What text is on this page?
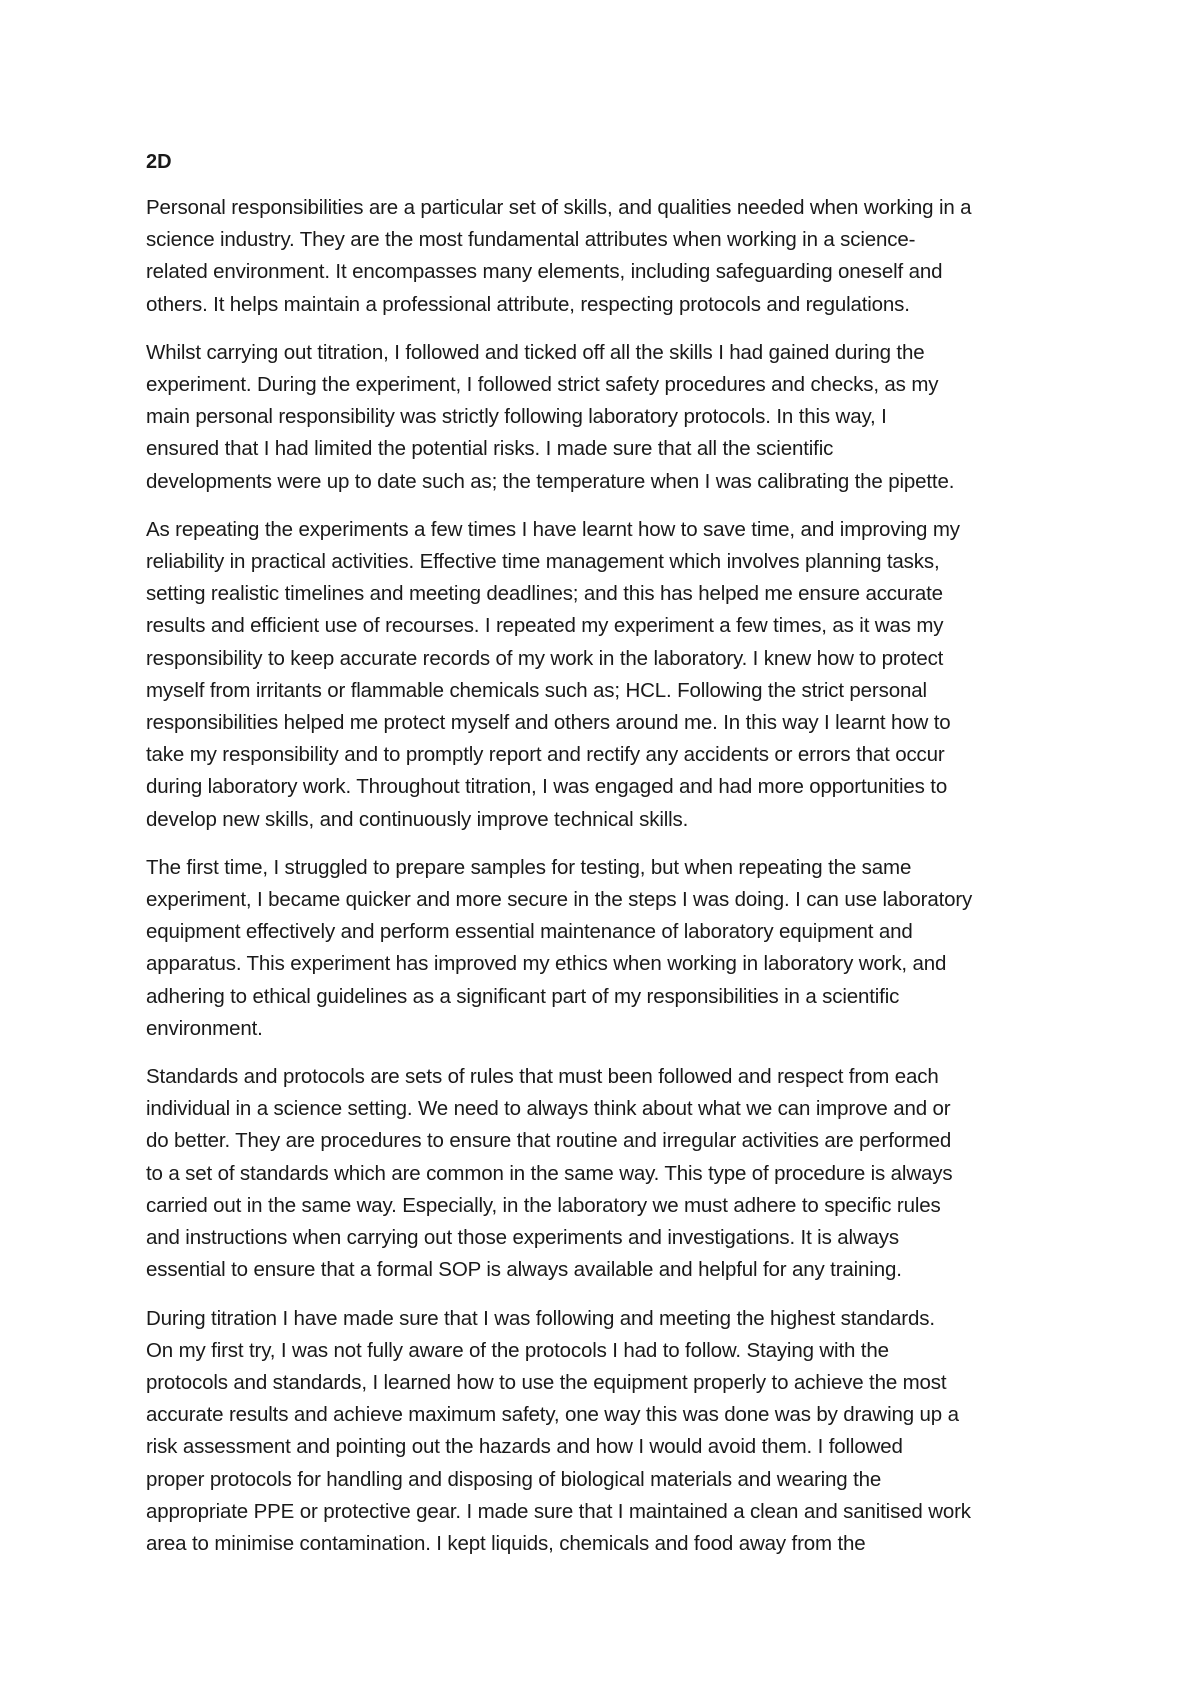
2D

Personal responsibilities are a particular set of skills, and qualities needed when working in a
science industry. They are the most fundamental attributes when working in a science-
related environment. It encompasses many elements, including safeguarding oneself and
others. It helps maintain a professional attribute, respecting protocols and regulations.

Whilst carrying out titration, I followed and ticked off all the skills I had gained during the
experiment. During the experiment, I followed strict safety procedures and checks, as my
main personal responsibility was strictly following laboratory protocols. In this way, I
ensured that I had limited the potential risks. I made sure that all the scientific
developments were up to date such as; the temperature when I was calibrating the pipette.

As repeating the experiments a few times I have learnt how to save time, and improving my
reliability in practical activities. Effective time management which involves planning tasks,
setting realistic timelines and meeting deadlines; and this has helped me ensure accurate
results and efficient use of recourses. I repeated my experiment a few times, as it was my
responsibility to keep accurate records of my work in the laboratory. I knew how to protect
myself from irritants or flammable chemicals such as; HCL. Following the strict personal
responsibilities helped me protect myself and others around me. In this way I learnt how to
take my responsibility and to promptly report and rectify any accidents or errors that occur
during laboratory work. Throughout titration, I was engaged and had more opportunities to
develop new skills, and continuously improve technical skills.

The first time, I struggled to prepare samples for testing, but when repeating the same
experiment, I became quicker and more secure in the steps I was doing. I can use laboratory
equipment effectively and perform essential maintenance of laboratory equipment and
apparatus. This experiment has improved my ethics when working in laboratory work, and
adhering to ethical guidelines as a significant part of my responsibilities in a scientific
environment.

Standards and protocols are sets of rules that must been followed and respect from each
individual in a science setting. We need to always think about what we can improve and or
do better. They are procedures to ensure that routine and irregular activities are performed
to a set of standards which are common in the same way. This type of procedure is always
carried out in the same way. Especially, in the laboratory we must adhere to specific rules
and instructions when carrying out those experiments and investigations. It is always
essential to ensure that a formal SOP is always available and helpful for any training.

During titration I have made sure that I was following and meeting the highest standards.
On my first try, I was not fully aware of the protocols I had to follow. Staying with the
protocols and standards, I learned how to use the equipment properly to achieve the most
accurate results and achieve maximum safety, one way this was done was by drawing up a
risk assessment and pointing out the hazards and how I would avoid them. I followed
proper protocols for handling and disposing of biological materials and wearing the
appropriate PPE or protective gear. I made sure that I maintained a clean and sanitised work
area to minimise contamination. I kept liquids, chemicals and food away from the
